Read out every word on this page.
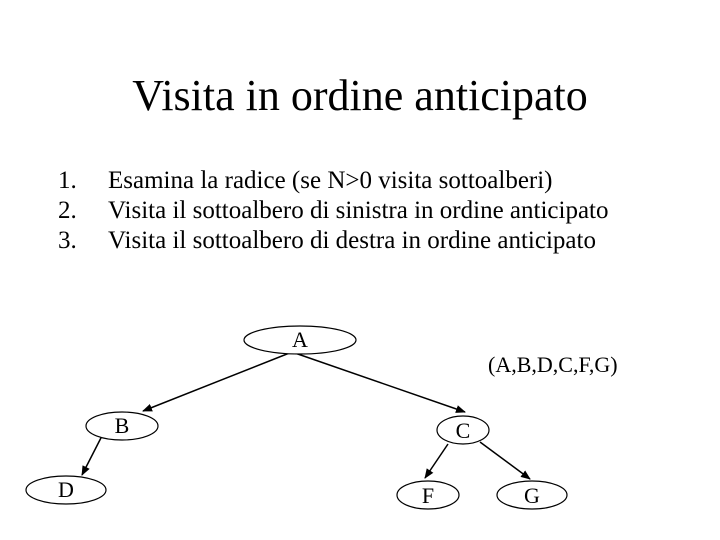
Visita in ordine anticipato
1.	Esamina la radice (se N>0 visita sottoalberi)
2.	Visita il sottoalbero di sinistra in ordine anticipato
3.	Visita il sottoalbero di destra in ordine anticipato
A
B	C
D	F	G
(A,B,D,C,F,G)
